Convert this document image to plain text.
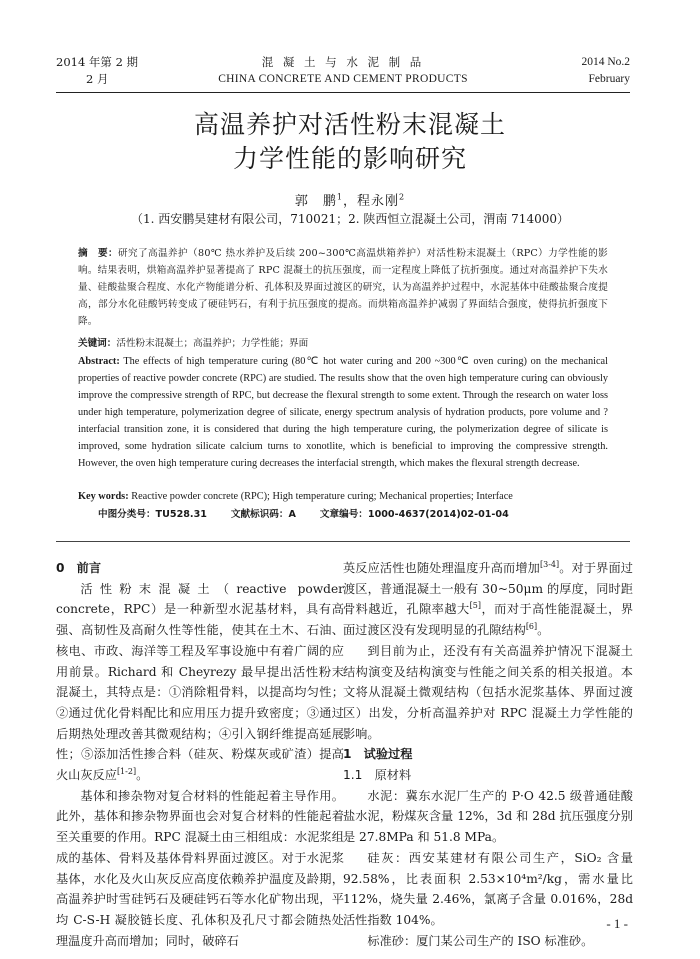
2014 年第 2 期
2 月
混 凝 土 与 水 泥 制 品
CHINA CONCRETE AND CEMENT PRODUCTS
2014 No.2
February
高温养护对活性粉末混凝土
力学性能的影响研究
郭　鹏$^1$，程永刚$^2$
（1. 西安鹏昊建材有限公司，710021；2. 陕西恒立混凝土公司，渭南 714000）
摘　要：研究了高温养护（80℃ 热水养护及后续 200~300℃高温烘箱养护）对活性粉末混凝土（RPC）力学性能的影响。结果表明，烘箱高温养护显著提高了 RPC 混凝土的抗压强度，而一定程度上降低了抗折强度。通过对高温养护下失水量、硅酸盐聚合程度、水化产物能谱分析、孔体积及界面过渡区的研究，认为高温养护过程中，水泥基体中硅酸盐聚合度提高，部分水化硅酸钙转变成了硬硅钙石，有利于抗压强度的提高。而烘箱高温养护减弱了界面结合强度，使得抗折强度下降。
关键词：活性粉末混凝土；高温养护；力学性能；界面
Abstract: The effects of high temperature curing (80℃ hot water curing and 200 ~300℃ oven curing) on the mechanical properties of reactive powder concrete (RPC) are studied. The results show that the oven high temperature curing can obviously improve the compressive strength of RPC, but decrease the flexural strength to some extent. Through the research on water loss under high temperature, polymerization degree of silicate, energy spectrum analysis of hydration products, pore volume and ?interfacial transition zone, it is considered that during the high temperature curing, the polymerization degree of silicate is improved, some hydration silicate calcium turns to xonotlite, which is beneficial to improving the compressive strength. However, the oven high temperature curing decreases the interfacial strength, which makes the flexural strength decrease.
Key words: Reactive powder concrete (RPC); High temperature curing; Mechanical properties; Interface
中图分类号：TU528.31	文献标识码：A	文章编号：1000-4637(2014)02-01-04

0　前言

活性粉末混凝土（reactive powder concrete，RPC）是一种新型水泥基材料，具有高强、高韧性及高耐久性等性能，使其在土木、石油、核电、市政、海洋等工程及军事设施中有着广阔的应用前景。Richard 和 Cheyrezy 最早提出活性粉末混凝土，其特点是：①消除粗骨料，以提高均匀性；②通过优化骨料配比和应用压力提升致密度；③通过后期热处理改善其微观结构；④引入钢纤维提高延展性；⑤添加活性掺合料（硅灰、粉煤灰或矿渣）提高火山灰反应[1-2]。

基体和掺杂物对复合材料的性能起着主导作用。此外，基体和掺杂物界面也会对复合材料的性能起着至关重要的作用。RPC 混凝土由三相组成：水泥浆组成的基体、骨料及基体骨料界面过渡区。对于水泥浆基体，水化及火山灰反应高度依赖养护温度及龄期，高温养护时雪硅钙石及硬硅钙石等水化矿物出现，平均 C-S-H 凝胶链长度、孔体积及孔尺寸都会随热处理温度升高而增加；同时，破碎石

英反应活性也随处理温度升高而增加[3-4]。对于界面过渡区，普通混凝土一般有 30~50μm 的厚度，同时距骨料越近，孔隙率越大[5]，而对于高性能混凝土，界面过渡区没有发现明显的孔隙结构[6]。

到目前为止，还没有有关高温养护情况下混凝土结构演变及结构演变与性能之间关系的相关报道。本文将从混凝土微观结构（包括水泥浆基体、界面过渡区）出发，分析高温养护对 RPC 混凝土力学性能的影响。

1　试验过程

1.1　原材料

水泥：冀东水泥厂生产的 P·O 42.5 级普通硅酸盐水泥，粉煤灰含量 12%，3d 和 28d 抗压强度分别是 27.8MPa 和 51.8 MPa。

硅灰：西安某建材有限公司生产，SiO₂ 含量 92.58%，比表面积 2.53×10⁴m²/kg，需水量比 112%，烧失量 2.46%，氯离子含量 0.016%，28d 活性指数 104%。

标准砂：厦门某公司生产的 ISO 标准砂。

- 1 -
